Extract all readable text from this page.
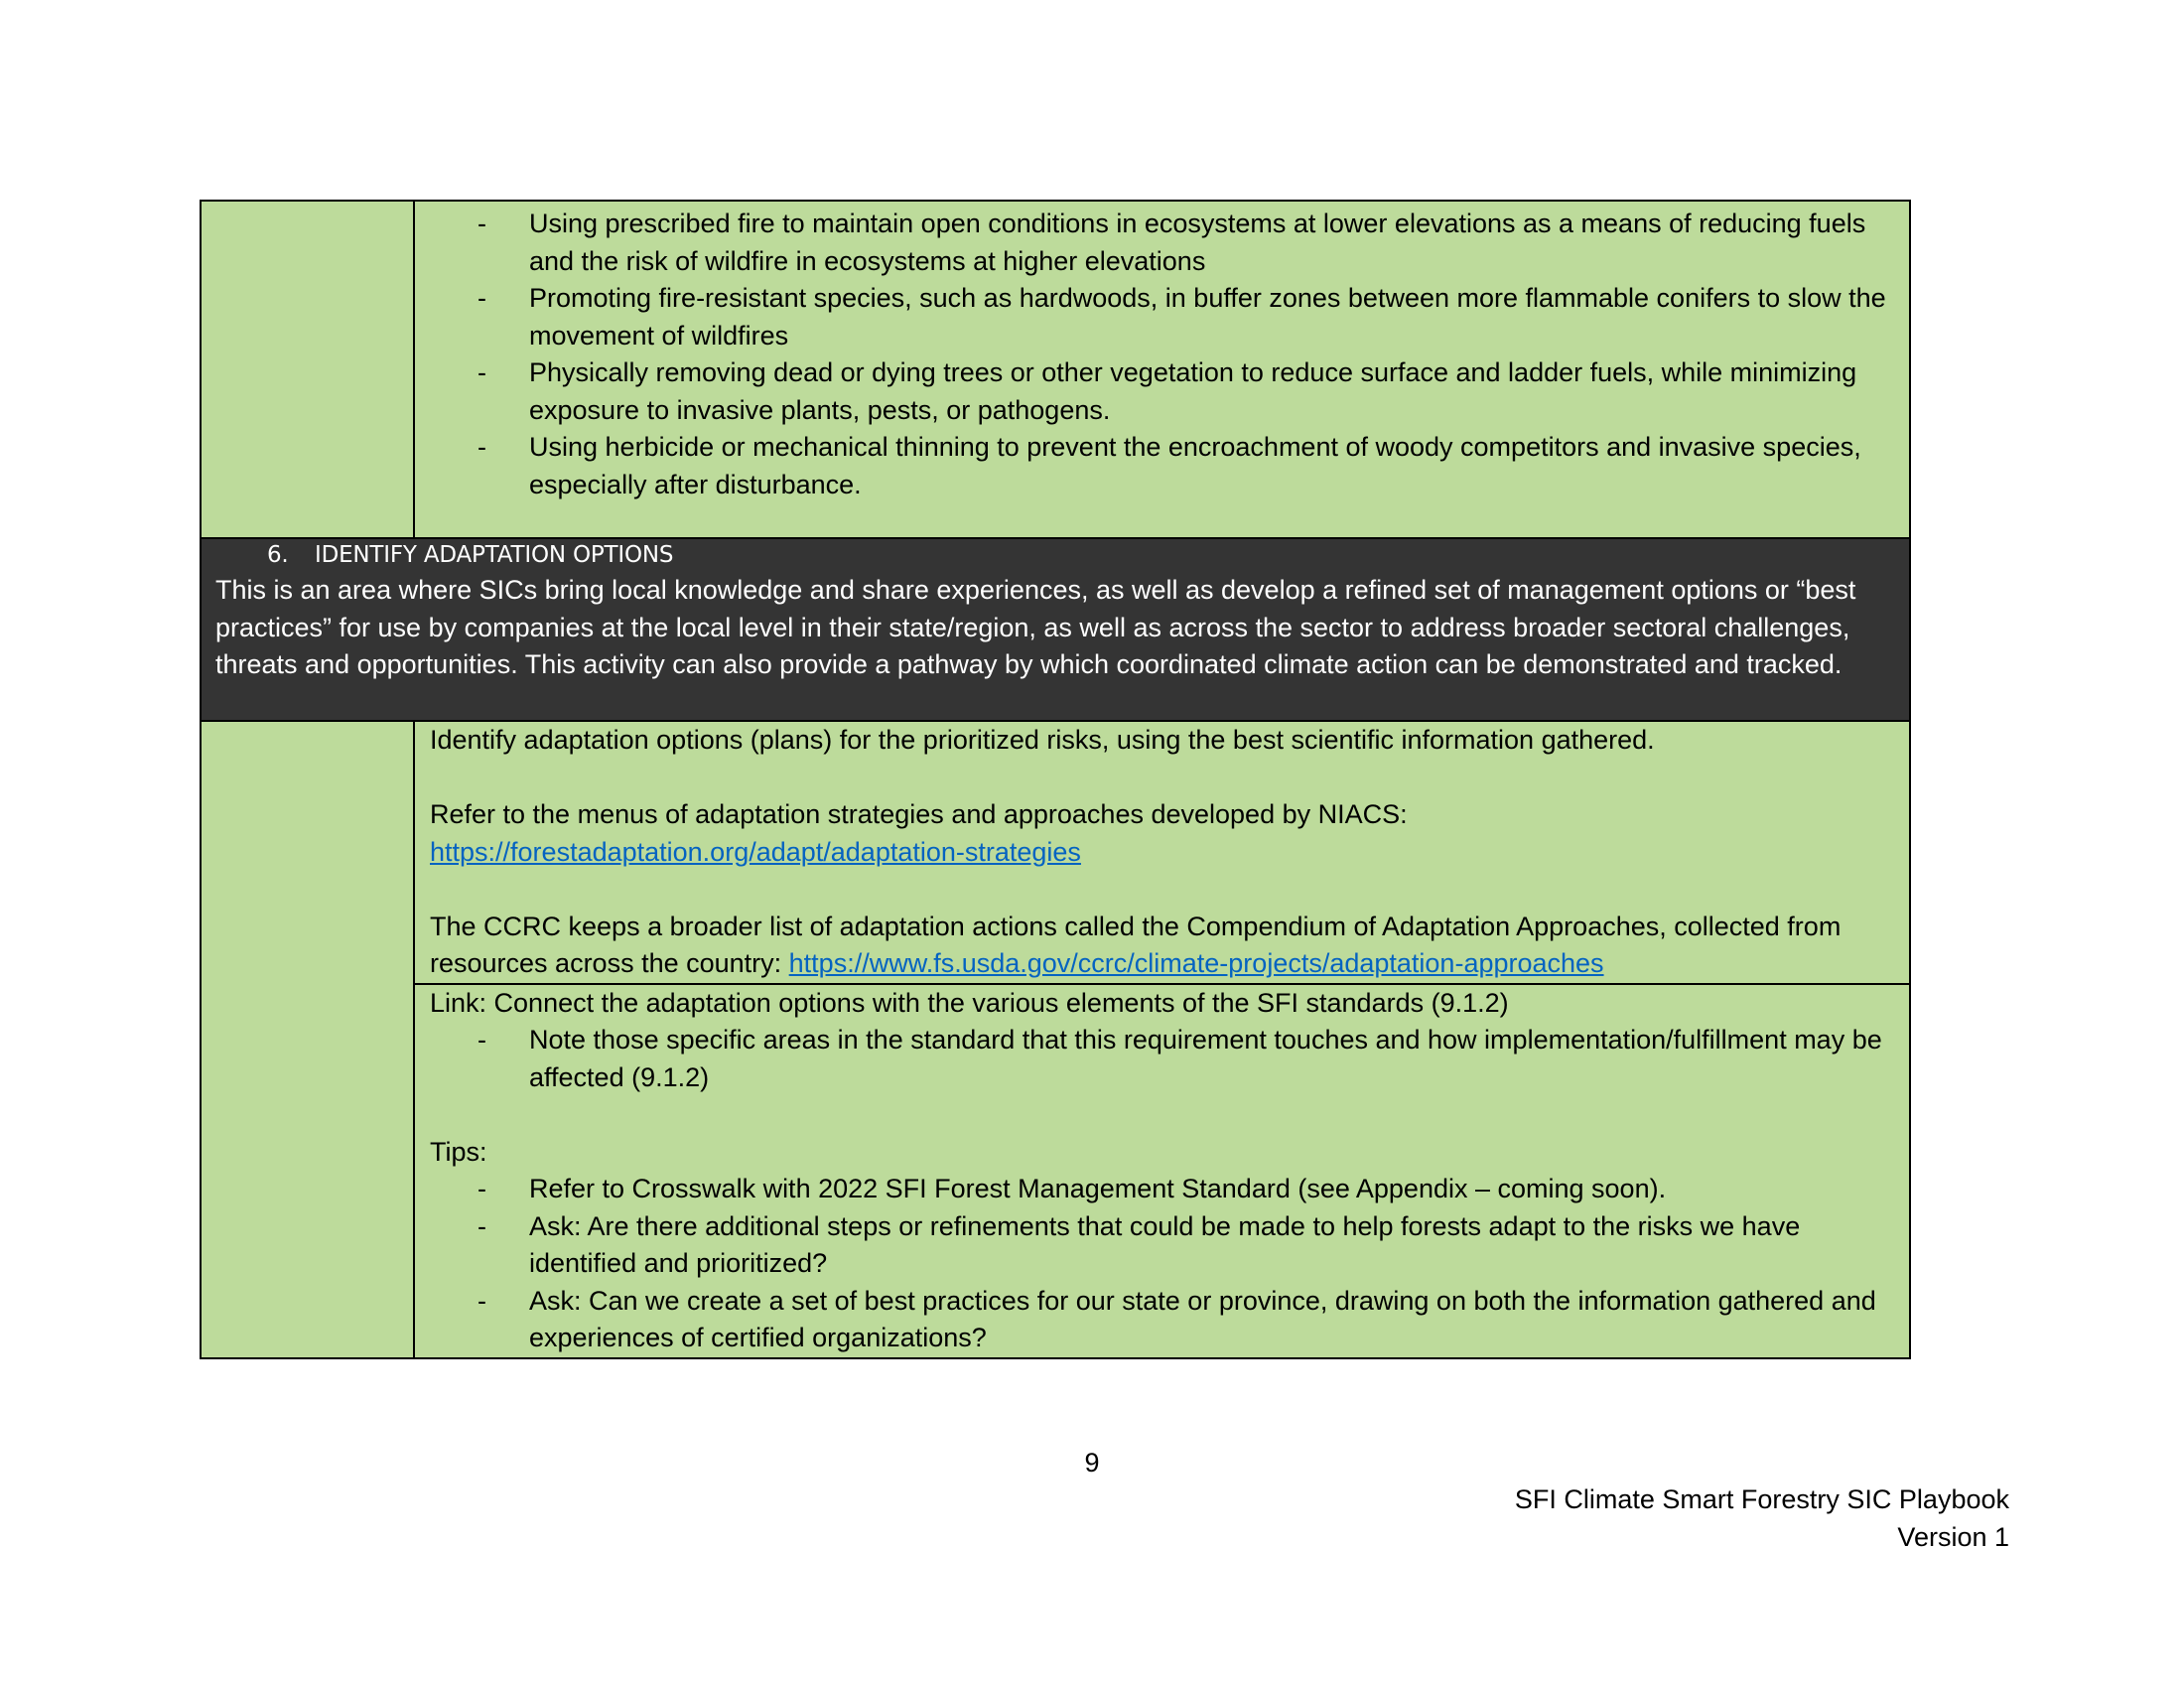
- Using prescribed fire to maintain open conditions in ecosystems at lower elevations as a means of reducing fuels and the risk of wildfire in ecosystems at higher elevations
- Promoting fire-resistant species, such as hardwoods, in buffer zones between more flammable conifers to slow the movement of wildfires
- Physically removing dead or dying trees or other vegetation to reduce surface and ladder fuels, while minimizing exposure to invasive plants, pests, or pathogens.
- Using herbicide or mechanical thinning to prevent the encroachment of woody competitors and invasive species, especially after disturbance.
6. IDENTIFY ADAPTATION OPTIONS
This is an area where SICs bring local knowledge and share experiences, as well as develop a refined set of management options or “best practices” for use by companies at the local level in their state/region, as well as across the sector to address broader sectoral challenges, threats and opportunities. This activity can also provide a pathway by which coordinated climate action can be demonstrated and tracked.

Identify adaptation options (plans) for the prioritized risks, using the best scientific information gathered.

Refer to the menus of adaptation strategies and approaches developed by NIACS:

https://forestadaptation.org/adapt/adaptation-strategies

The CCRC keeps a broader list of adaptation actions called the Compendium of Adaptation Approaches, collected from resources across the country: https://www.fs.usda.gov/ccrc/climate-projects/adaptation-approaches

Link: Connect the adaptation options with the various elements of the SFI standards (9.1.2)

- Note those specific areas in the standard that this requirement touches and how implementation/fulfillment may be affected (9.1.2)

Tips:

- Refer to Crosswalk with 2022 SFI Forest Management Standard (see Appendix – coming soon).
- Ask: Are there additional steps or refinements that could be made to help forests adapt to the risks we have identified and prioritized?
- Ask: Can we create a set of best practices for our state or province, drawing on both the information gathered and experiences of certified organizations?
9
SFI Climate Smart Forestry SIC Playbook
Version 1
